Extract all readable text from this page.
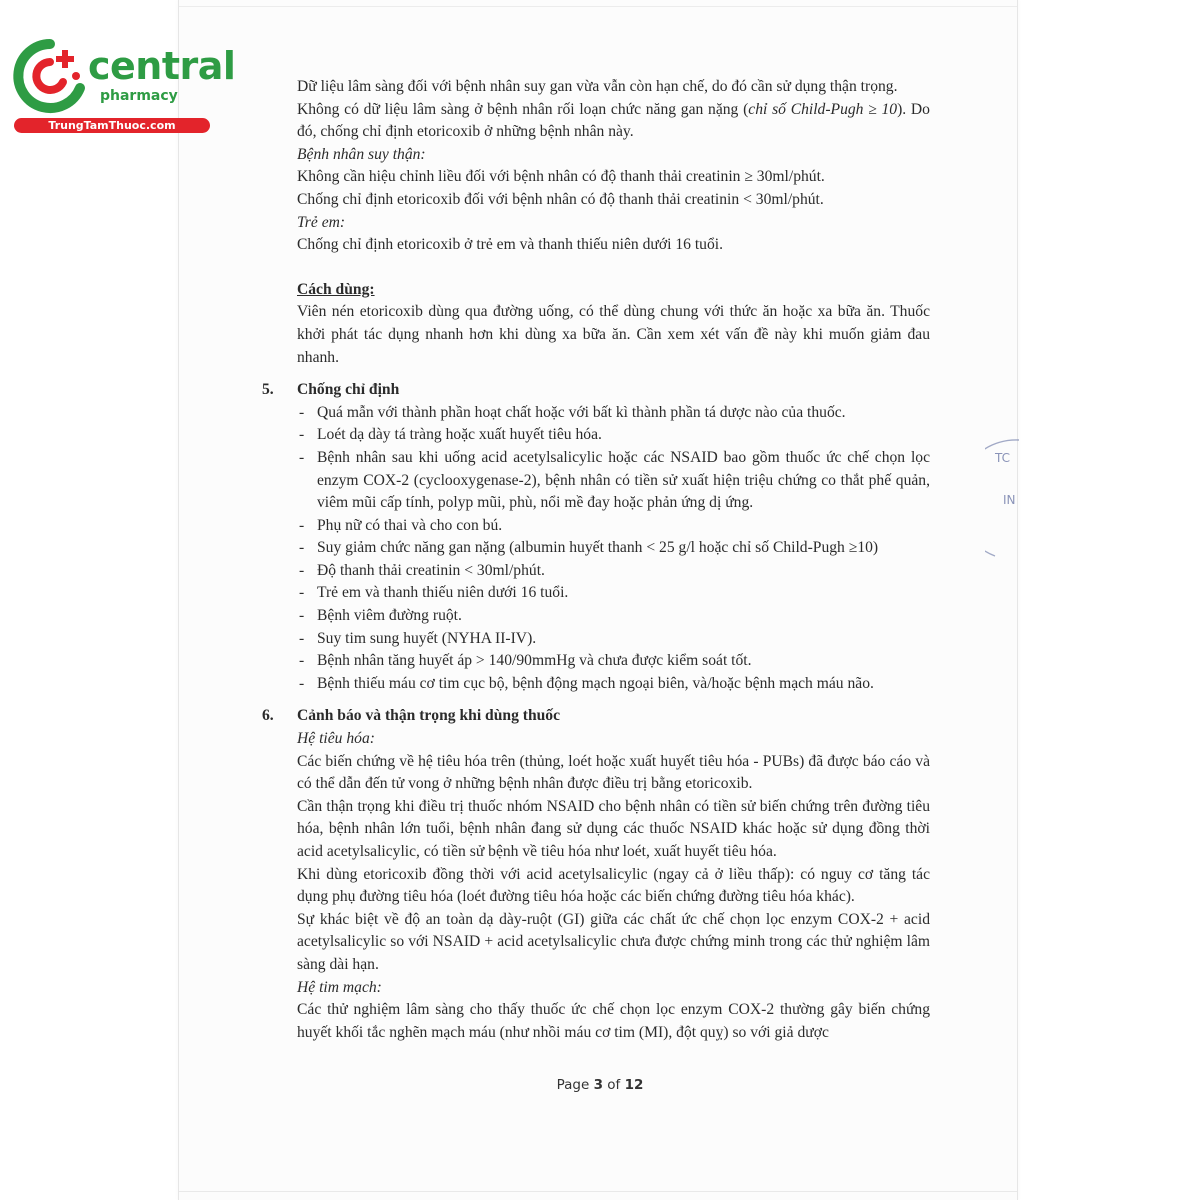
central
pharmacy
TrungTamThuoc.com
TC
IN

Dữ liệu lâm sàng đối với bệnh nhân suy gan vừa vẫn còn hạn chế, do đó cần sử dụng thận trọng.

Không có dữ liệu lâm sàng ở bệnh nhân rối loạn chức năng gan nặng (chỉ số Child-Pugh ≥ 10). Do đó, chống chỉ định etoricoxib ở những bệnh nhân này.

Bệnh nhân suy thận:

Không cần hiệu chỉnh liều đối với bệnh nhân có độ thanh thải creatinin ≥ 30ml/phút.

Chống chỉ định etoricoxib đối với bệnh nhân có độ thanh thải creatinin < 30ml/phút.

Trẻ em:

Chống chỉ định etoricoxib ở trẻ em và thanh thiếu niên dưới 16 tuổi.

Cách dùng:

Viên nén etoricoxib dùng qua đường uống, có thể dùng chung với thức ăn hoặc xa bữa ăn. Thuốc khởi phát tác dụng nhanh hơn khi dùng xa bữa ăn. Cần xem xét vấn đề này khi muốn giảm đau nhanh.

5.	Chống chỉ định
- Quá mẫn với thành phần hoạt chất hoặc với bất kì thành phần tá dược nào của thuốc.
- Loét dạ dày tá tràng hoặc xuất huyết tiêu hóa.
- Bệnh nhân sau khi uống acid acetylsalicylic hoặc các NSAID bao gồm thuốc ức chế chọn lọc enzym COX-2 (cyclooxygenase-2), bệnh nhân có tiền sử xuất hiện triệu chứng co thắt phế quản, viêm mũi cấp tính, polyp mũi, phù, nổi mề đay hoặc phản ứng dị ứng.
- Phụ nữ có thai và cho con bú.
- Suy giảm chức năng gan nặng (albumin huyết thanh < 25 g/l hoặc chỉ số Child-Pugh ≥10)
- Độ thanh thải creatinin < 30ml/phút.
- Trẻ em và thanh thiếu niên dưới 16 tuổi.
- Bệnh viêm đường ruột.
- Suy tim sung huyết (NYHA II-IV).
- Bệnh nhân tăng huyết áp > 140/90mmHg và chưa được kiểm soát tốt.
- Bệnh thiếu máu cơ tim cục bộ, bệnh động mạch ngoại biên, và/hoặc bệnh mạch máu não.
6.	Cảnh báo và thận trọng khi dùng thuốc

Hệ tiêu hóa:

Các biến chứng về hệ tiêu hóa trên (thủng, loét hoặc xuất huyết tiêu hóa - PUBs) đã được báo cáo và có thể dẫn đến tử vong ở những bệnh nhân được điều trị bằng etoricoxib.

Cần thận trọng khi điều trị thuốc nhóm NSAID cho bệnh nhân có tiền sử biến chứng trên đường tiêu hóa, bệnh nhân lớn tuổi, bệnh nhân đang sử dụng các thuốc NSAID khác hoặc sử dụng đồng thời acid acetylsalicylic, có tiền sử bệnh về tiêu hóa như loét, xuất huyết tiêu hóa.

Khi dùng etoricoxib đồng thời với acid acetylsalicylic (ngay cả ở liều thấp): có nguy cơ tăng tác dụng phụ đường tiêu hóa (loét đường tiêu hóa hoặc các biến chứng đường tiêu hóa khác).

Sự khác biệt về độ an toàn dạ dày-ruột (GI) giữa các chất ức chế chọn lọc enzym COX-2 + acid acetylsalicylic so với NSAID + acid acetylsalicylic chưa được chứng minh trong các thử nghiệm lâm sàng dài hạn.

Hệ tim mạch:

Các thử nghiệm lâm sàng cho thấy thuốc ức chế chọn lọc enzym COX-2 thường gây biến chứng huyết khối tắc nghẽn mạch máu (như nhồi máu cơ tim (MI), đột quỵ) so với giả dược

Page 3 of 12
